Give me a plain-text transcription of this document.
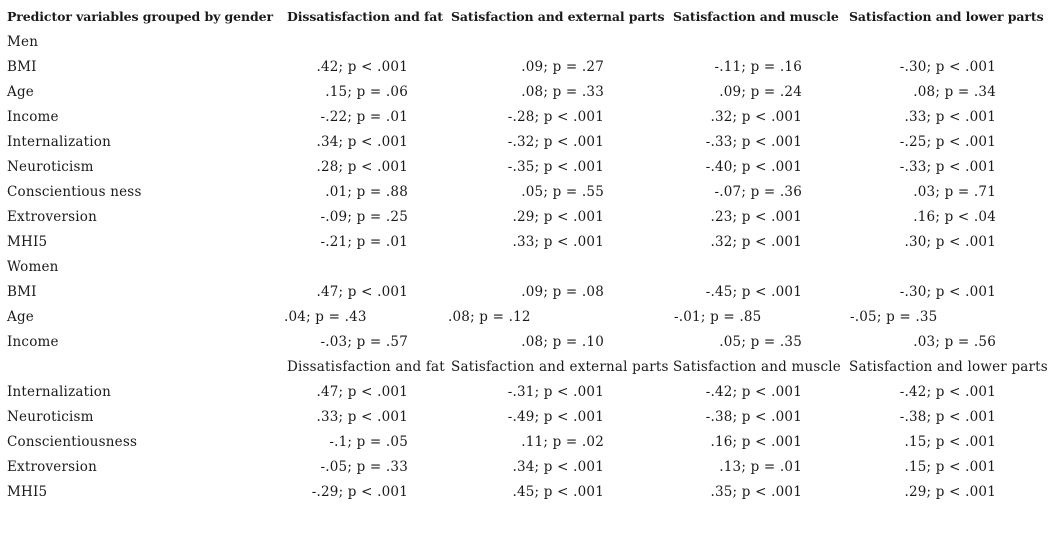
Predictor variables grouped by gender	Dissatisfaction and fat	Satisfaction and external parts	Satisfaction and muscle	Satisfaction and lower parts
Men				
BMI	.42; p < .001	.09; p = .27	-.11; p = .16	-.30; p < .001
Age	.15; p = .06	.08; p = .33	.09; p = .24	.08; p = .34
Income	-.22; p = .01	-.28; p < .001	.32; p < .001	.33; p < .001
Internalization	.34; p < .001	-.32; p < .001	-.33; p < .001	-.25; p < .001
Neuroticism	.28; p < .001	-.35; p < .001	-.40; p < .001	-.33; p < .001
Conscientious ness	.01; p = .88	.05; p = .55	-.07; p = .36	.03; p = .71
Extroversion	-.09; p = .25	.29; p < .001	.23; p < .001	.16; p < .04
MHI5	-.21; p = .01	.33; p < .001	.32; p < .001	.30; p < .001
Women				
BMI	.47; p < .001	.09; p = .08	-.45; p < .001	-.30; p < .001
Age	.04; p = .43	.08; p = .12	-.01; p = .85	-.05; p = .35
Income	-.03; p = .57	.08; p = .10	.05; p = .35	.03; p = .56
	Dissatisfaction and fat	Satisfaction and external parts	Satisfaction and muscle	Satisfaction and lower parts
Internalization	.47; p < .001	-.31; p < .001	-.42; p < .001	-.42; p < .001
Neuroticism	.33; p < .001	-.49; p < .001	-.38; p < .001	-.38; p < .001
Conscientiousness	-.1; p = .05	.11; p = .02	.16; p < .001	.15; p < .001
Extroversion	-.05; p = .33	.34; p < .001	.13; p = .01	.15; p < .001
MHI5	-.29; p < .001	.45; p < .001	.35; p < .001	.29; p < .001
